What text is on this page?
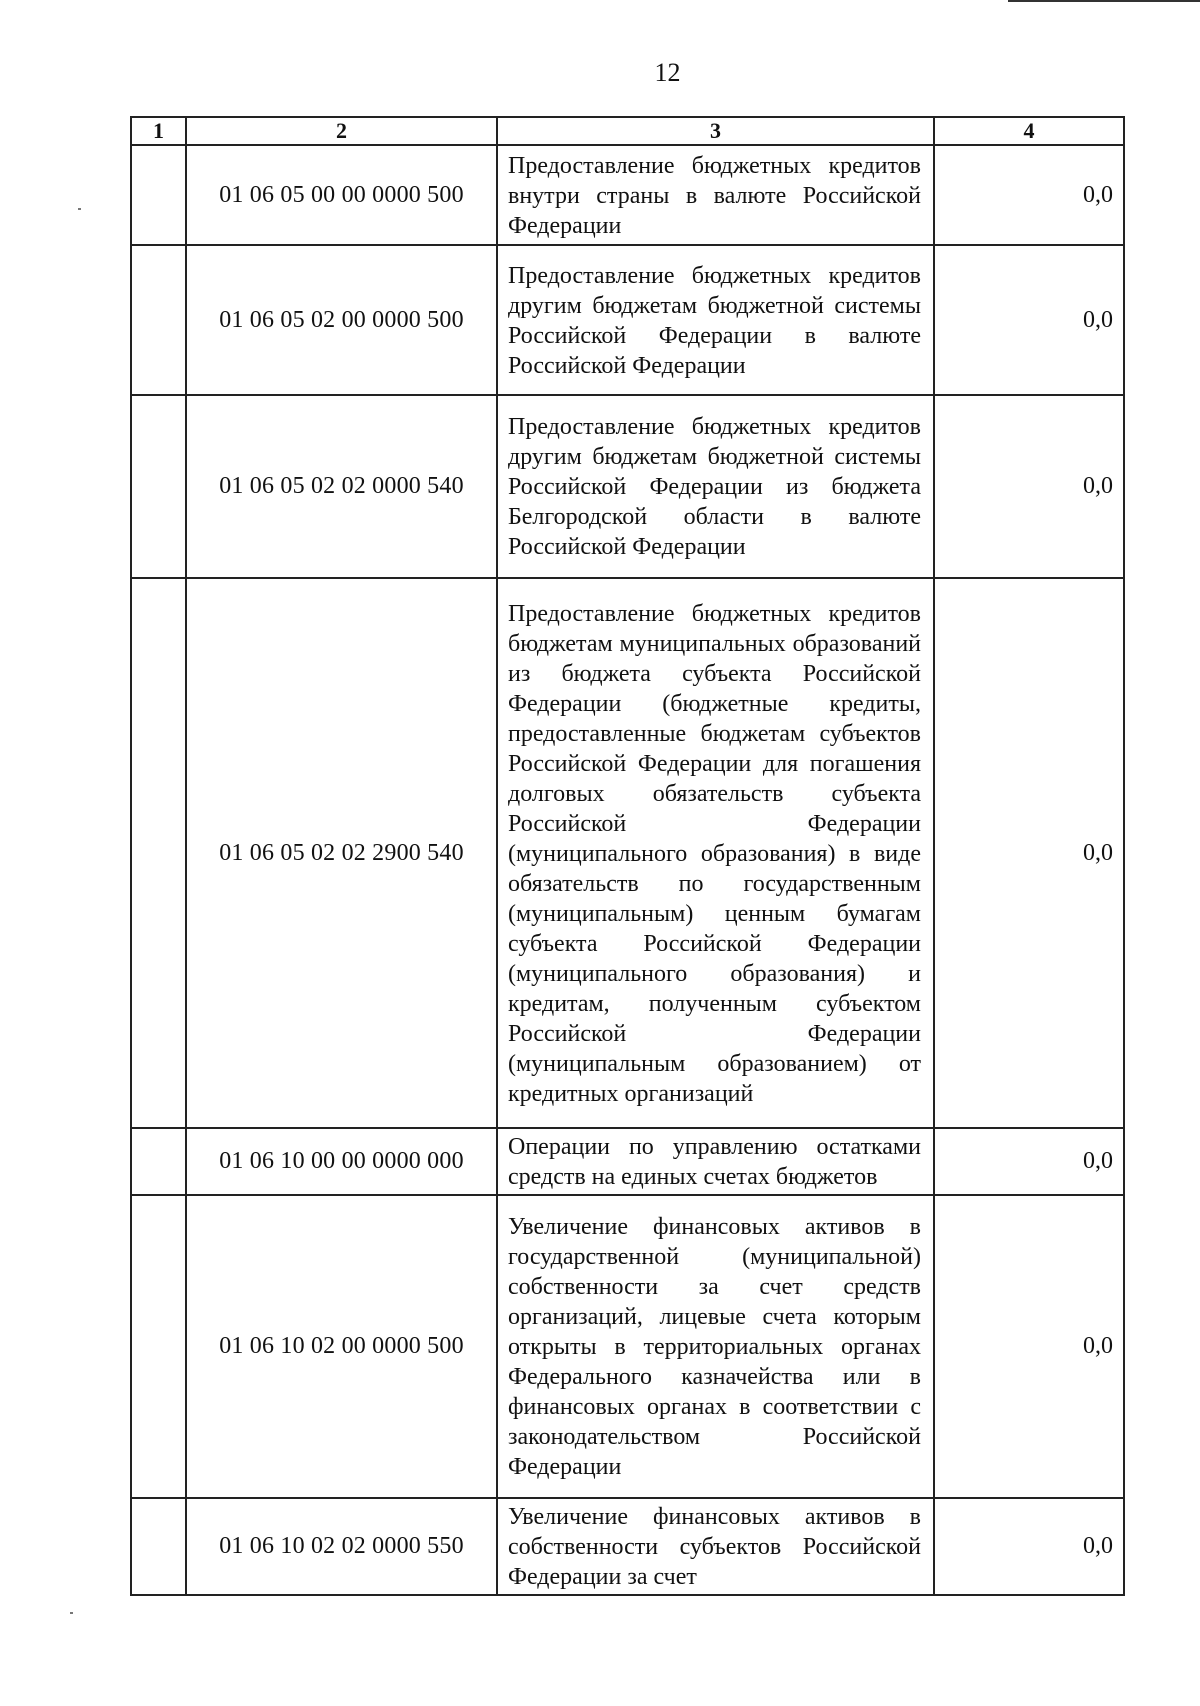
12
1	2	3	4
	01 06 05 00 00 0000 500	Предоставление бюджетных кредитов внутри страны в валюте Российской Федерации	0,0
	01 06 05 02 00 0000 500	Предоставление бюджетных кредитов другим бюджетам бюджетной системы Российской Федерации в валюте Российской Федерации	0,0
	01 06 05 02 02 0000 540	Предоставление бюджетных кредитов другим бюджетам бюджетной системы Российской Федерации из бюджета Белгородской области в валюте Российской Федерации	0,0
	01 06 05 02 02 2900 540	Предоставление бюджетных кредитов бюджетам муниципальных образований из бюджета субъекта Российской Федерации (бюджетные кредиты, предоставленные бюджетам субъектов Российской Федерации для погашения долговых обязательств субъекта Российской Федерации (муниципального образования) в виде обязательств по государственным (муниципальным) ценным бумагам субъекта Российской Федерации (муниципального образования) и кредитам, полученным субъектом Российской Федерации (муниципальным образованием) от кредитных организаций	0,0
	01 06 10 00 00 0000 000	Операции по управлению остатками средств на единых счетах бюджетов	0,0
	01 06 10 02 00 0000 500	Увеличение финансовых активов в государственной (муниципальной) собственности за счет средств организаций, лицевые счета которым открыты в территориальных органах Федерального казначейства или в финансовых органах в соответствии с законодательством Российской Федерации	0,0
	01 06 10 02 02 0000 550	Увеличение финансовых активов в собственности субъектов Российской Федерации за счет	0,0
